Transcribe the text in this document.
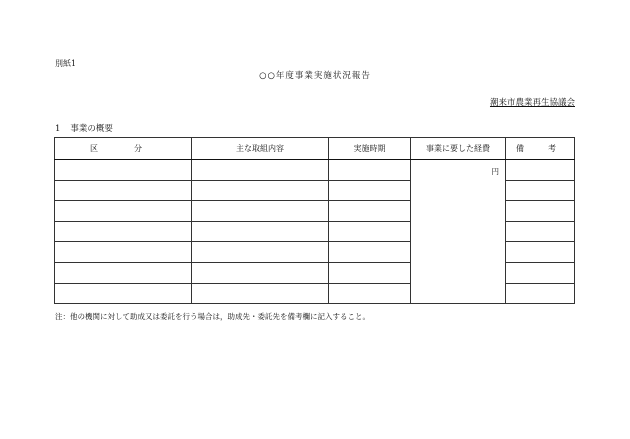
別紙1
○○年度事業実施状況報告
潮来市農業再生協議会
1 事業の概要
区　分	主な取組内容	実施時期	事業に要した経費	備　考
			円	

注：他の機関に対して助成又は委託を行う場合は，助成先・委託先を備考欄に記入すること。
